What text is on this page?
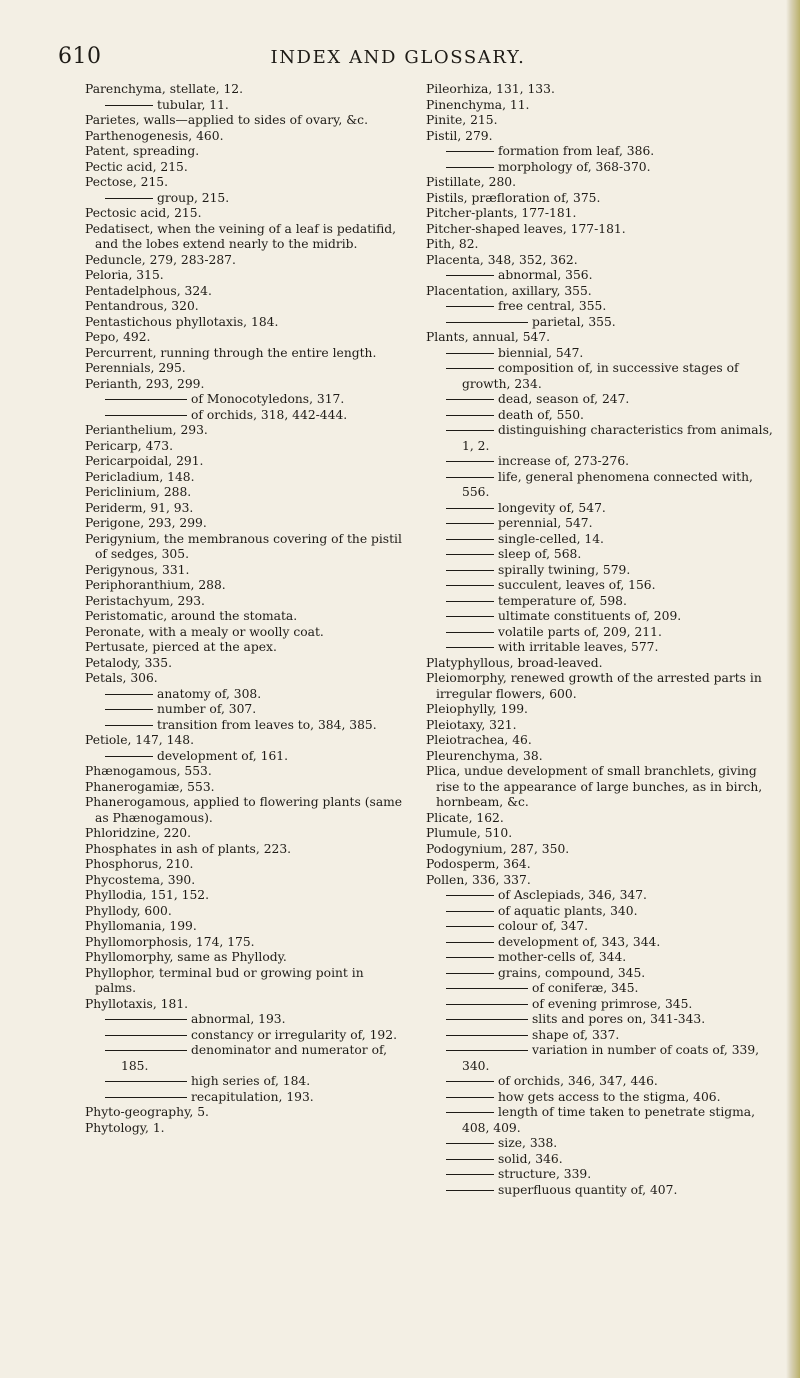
610	INDEX AND GLOSSARY.
Parenchyma, stellate, 12.
tubular, 11.
Parietes, walls—applied to sides of ovary, &c.
Parthenogenesis, 460.
Patent, spreading.
Pectic acid, 215.
Pectose, 215.
group, 215.
Pectosic acid, 215.
Pedatisect, when the veining of a leaf is pedatifid, and the lobes extend nearly to the midrib.
Peduncle, 279, 283-287.
Peloria, 315.
Pentadelphous, 324.
Pentandrous, 320.
Pentastichous phyllotaxis, 184.
Pepo, 492.
Percurrent, running through the entire length.
Perennials, 295.
Perianth, 293, 299.
of Monocotyledons, 317.
of orchids, 318, 442-444.
Perianthelium, 293.
Pericarp, 473.
Pericarpoidal, 291.
Pericladium, 148.
Periclinium, 288.
Periderm, 91, 93.
Perigone, 293, 299.
Perigynium, the membranous covering of the pistil of sedges, 305.
Perigynous, 331.
Periphoranthium, 288.
Peristachyum, 293.
Peristomatic, around the stomata.
Peronate, with a mealy or woolly coat.
Pertusate, pierced at the apex.
Petalody, 335.
Petals, 306.
anatomy of, 308.
number of, 307.
transition from leaves to, 384, 385.
Petiole, 147, 148.
development of, 161.
Phænogamous, 553.
Phanerogamiæ, 553.
Phanerogamous, applied to flowering plants (same as Phænogamous).
Phloridzine, 220.
Phosphates in ash of plants, 223.
Phosphorus, 210.
Phycostema, 390.
Phyllodia, 151, 152.
Phyllody, 600.
Phyllomania, 199.
Phyllomorphosis, 174, 175.
Phyllomorphy, same as Phyllody.
Phyllophor, terminal bud or growing point in palms.
Phyllotaxis, 181.
abnormal, 193.
constancy or irregularity of, 192.
denominator and numerator of, 185.
high series of, 184.
recapitulation, 193.
Phyto-geography, 5.
Phytology, 1.
Pileorhiza, 131, 133.
Pinenchyma, 11.
Pinite, 215.
Pistil, 279.
formation from leaf, 386.
morphology of, 368-370.
Pistillate, 280.
Pistils, præfloration of, 375.
Pitcher-plants, 177-181.
Pitcher-shaped leaves, 177-181.
Pith, 82.
Placenta, 348, 352, 362.
abnormal, 356.
Placentation, axillary, 355.
free central, 355.
parietal, 355.
Plants, annual, 547.
biennial, 547.
composition of, in successive stages of growth, 234.
dead, season of, 247.
death of, 550.
distinguishing characteristics from animals, 1, 2.
increase of, 273-276.
life, general phenomena connected with, 556.
longevity of, 547.
perennial, 547.
single-celled, 14.
sleep of, 568.
spirally twining, 579.
succulent, leaves of, 156.
temperature of, 598.
ultimate constituents of, 209.
volatile parts of, 209, 211.
with irritable leaves, 577.
Platyphyllous, broad-leaved.
Pleiomorphy, renewed growth of the arrested parts in irregular flowers, 600.
Pleiophylly, 199.
Pleiotaxy, 321.
Pleiotrachea, 46.
Pleurenchyma, 38.
Plica, undue development of small branchlets, giving rise to the appearance of large bunches, as in birch, hornbeam, &c.
Plicate, 162.
Plumule, 510.
Podogynium, 287, 350.
Podosperm, 364.
Pollen, 336, 337.
of Asclepiads, 346, 347.
of aquatic plants, 340.
colour of, 347.
development of, 343, 344.
mother-cells of, 344.
grains, compound, 345.
of coniferæ, 345.
of evening primrose, 345.
slits and pores on, 341-343.
shape of, 337.
variation in number of coats of, 339, 340.
of orchids, 346, 347, 446.
how gets access to the stigma, 406.
length of time taken to penetrate stigma, 408, 409.
size, 338.
solid, 346.
structure, 339.
superfluous quantity of, 407.
